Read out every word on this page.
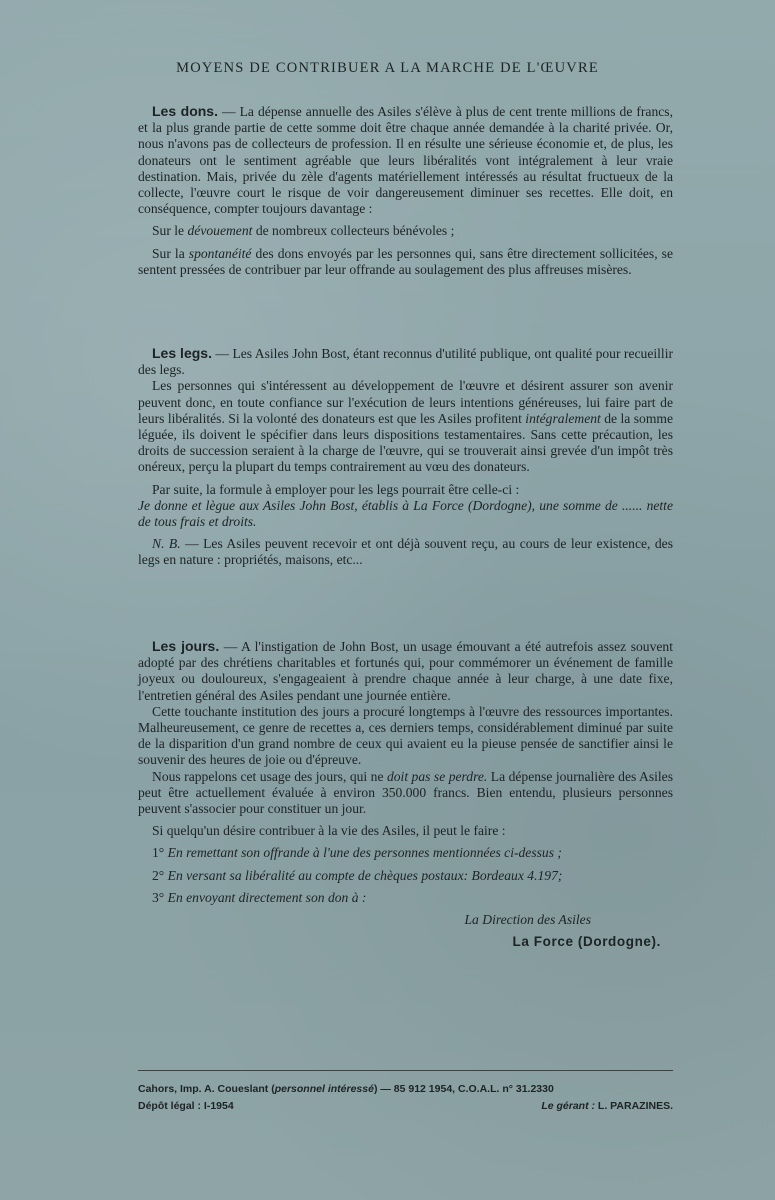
MOYENS DE CONTRIBUER A LA MARCHE DE L'ŒUVRE

Les dons. — La dépense annuelle des Asiles s'élève à plus de cent trente millions de francs, et la plus grande partie de cette somme doit être chaque année demandée à la charité privée. Or, nous n'avons pas de collecteurs de profession. Il en résulte une sérieuse économie et, de plus, les donateurs ont le sentiment agréable que leurs libéralités vont intégralement à leur vraie destination. Mais, privée du zèle d'agents matériellement intéressés au résultat fructueux de la collecte, l'œuvre court le risque de voir dangereusement diminuer ses recettes. Elle doit, en conséquence, compter toujours davantage :

Sur le dévouement de nombreux collecteurs bénévoles ;

Sur la spontanéité des dons envoyés par les personnes qui, sans être directement sollicitées, se sentent pressées de contribuer par leur offrande au soulagement des plus affreuses misères.

Les legs. — Les Asiles John Bost, étant reconnus d'utilité publique, ont qualité pour recueillir des legs.

Les personnes qui s'intéressent au développement de l'œuvre et désirent assurer son avenir peuvent donc, en toute confiance sur l'exécution de leurs intentions généreuses, lui faire part de leurs libéralités. Si la volonté des donateurs est que les Asiles profitent intégralement de la somme léguée, ils doivent le spécifier dans leurs dispositions testamentaires. Sans cette précaution, les droits de succession seraient à la charge de l'œuvre, qui se trouverait ainsi grevée d'un impôt très onéreux, perçu la plupart du temps contrairement au vœu des donateurs.

Par suite, la formule à employer pour les legs pourrait être celle-ci :

Je donne et lègue aux Asiles John Bost, établis à La Force (Dordogne), une somme de ...... nette de tous frais et droits.

N. B. — Les Asiles peuvent recevoir et ont déjà souvent reçu, au cours de leur existence, des legs en nature : propriétés, maisons, etc...

Les jours. — A l'instigation de John Bost, un usage émouvant a été autrefois assez souvent adopté par des chrétiens charitables et fortunés qui, pour commémorer un événement de famille joyeux ou douloureux, s'engageaient à prendre chaque année à leur charge, à une date fixe, l'entretien général des Asiles pendant une journée entière.

Cette touchante institution des jours a procuré longtemps à l'œuvre des ressources importantes. Malheureusement, ce genre de recettes a, ces derniers temps, considérablement diminué par suite de la disparition d'un grand nombre de ceux qui avaient eu la pieuse pensée de sanctifier ainsi le souvenir des heures de joie ou d'épreuve.

Nous rappelons cet usage des jours, qui ne doit pas se perdre. La dépense journalière des Asiles peut être actuellement évaluée à environ 350.000 francs. Bien entendu, plusieurs personnes peuvent s'associer pour constituer un jour.

Si quelqu'un désire contribuer à la vie des Asiles, il peut le faire :

1° En remettant son offrande à l'une des personnes mentionnées ci-dessus ;

2° En versant sa libéralité au compte de chèques postaux: Bordeaux 4.197;

3° En envoyant directement son don à :

La Direction des Asiles

La Force (Dordogne).

Cahors, Imp. A. Coueslant (personnel intéressé) — 85 912 1954, C.O.A.L. n° 31.2330
Dépôt légal : I-1954	Le gérant : L. PARAZINES.
